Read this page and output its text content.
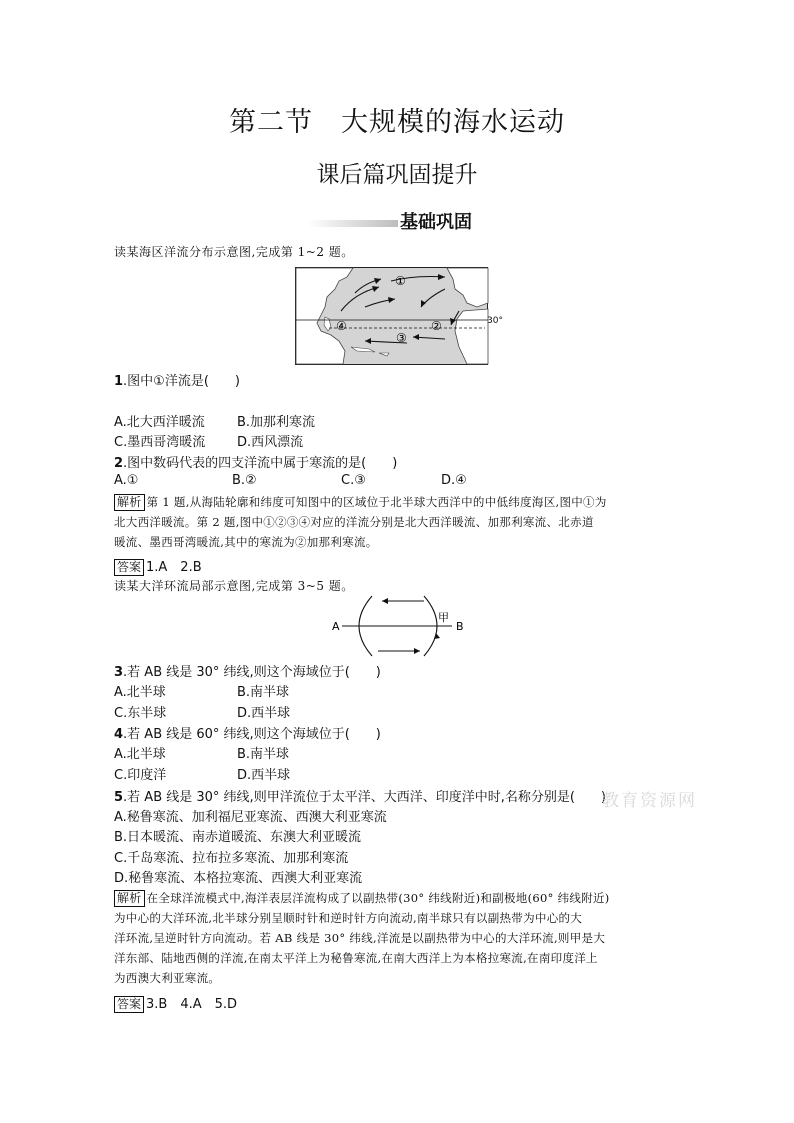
第二节　大规模的海水运动
课后篇巩固提升
基础巩固
读某海区洋流分布示意图,完成第 1~2 题。
①
②
③
④	30°
1.图中①洋流是(　　)
A.北大西洋暖流 B.加那利寒流
C.墨西哥湾暖流 D.西风漂流
2.图中数码代表的四支洋流中属于寒流的是(　　)
A.①	B.②	C.③	D.④
解析 第 1 题,从海陆轮廓和纬度可知图中的区域位于北半球大西洋中的中低纬度海区,图中①为
北大西洋暖流。第 2 题,图中①②③④对应的洋流分别是北大西洋暖流、加那利寒流、北赤道
暖流、墨西哥湾暖流,其中的寒流为②加那利寒流。
答案 1.A　2.B
读某大洋环流局部示意图,完成第 3~5 题。
A	B
甲
3.若 AB 线是 30° 纬线,则这个海域位于(　　)
A.北半球	B.南半球
C.东半球	D.西半球
4.若 AB 线是 60° 纬线,则这个海域位于(　　)
A.北半球	B.南半球
C.印度洋	D.西半球
5.若 AB 线是 30° 纬线,则甲洋流位于太平洋、大西洋、印度洋中时,名称分别是(　　)
A.秘鲁寒流、加利福尼亚寒流、西澳大利亚寒流
B.日本暖流、南赤道暖流、东澳大利亚暖流
C.千岛寒流、拉布拉多寒流、加那利寒流
D.秘鲁寒流、本格拉寒流、西澳大利亚寒流
解析 在全球洋流模式中,海洋表层洋流构成了以副热带(30° 纬线附近)和副极地(60° 纬线附近)
为中心的大洋环流,北半球分别呈顺时针和逆时针方向流动,南半球只有以副热带为中心的大
洋环流,呈逆时针方向流动。若 AB 线是 30° 纬线,洋流是以副热带为中心的大洋环流,则甲是大
洋东部、陆地西侧的洋流,在南太平洋上为秘鲁寒流,在南大西洋上为本格拉寒流,在南印度洋上
为西澳大利亚寒流。
答案 3.B　4.A　5.D
教育资源网
